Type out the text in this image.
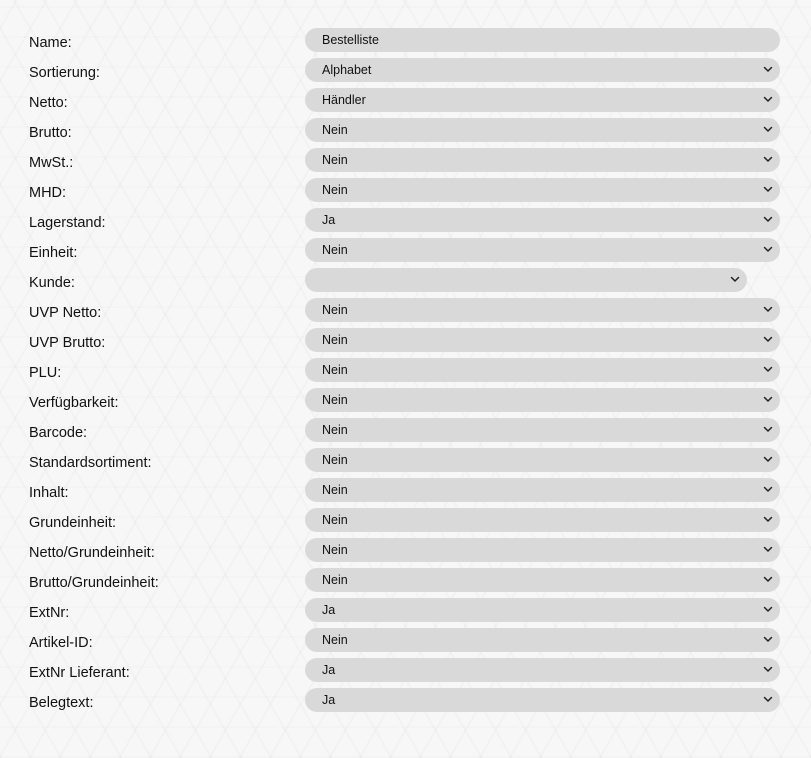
Name:	Bestelliste
Sortierung:	Alphabet
Netto:	Händler
Brutto:	Nein
MwSt.:	Nein
MHD:	Nein
Lagerstand:	Ja
Einheit:	Nein
Kunde:
UVP Netto:	Nein
UVP Brutto:	Nein
PLU:	Nein
Verfügbarkeit:	Nein
Barcode:	Nein
Standardsortiment:	Nein
Inhalt:	Nein
Grundeinheit:	Nein
Netto/Grundeinheit:	Nein
Brutto/Grundeinheit:	Nein
ExtNr:	Ja
Artikel-ID:	Nein
ExtNr Lieferant:	Ja
Belegtext:	Ja
